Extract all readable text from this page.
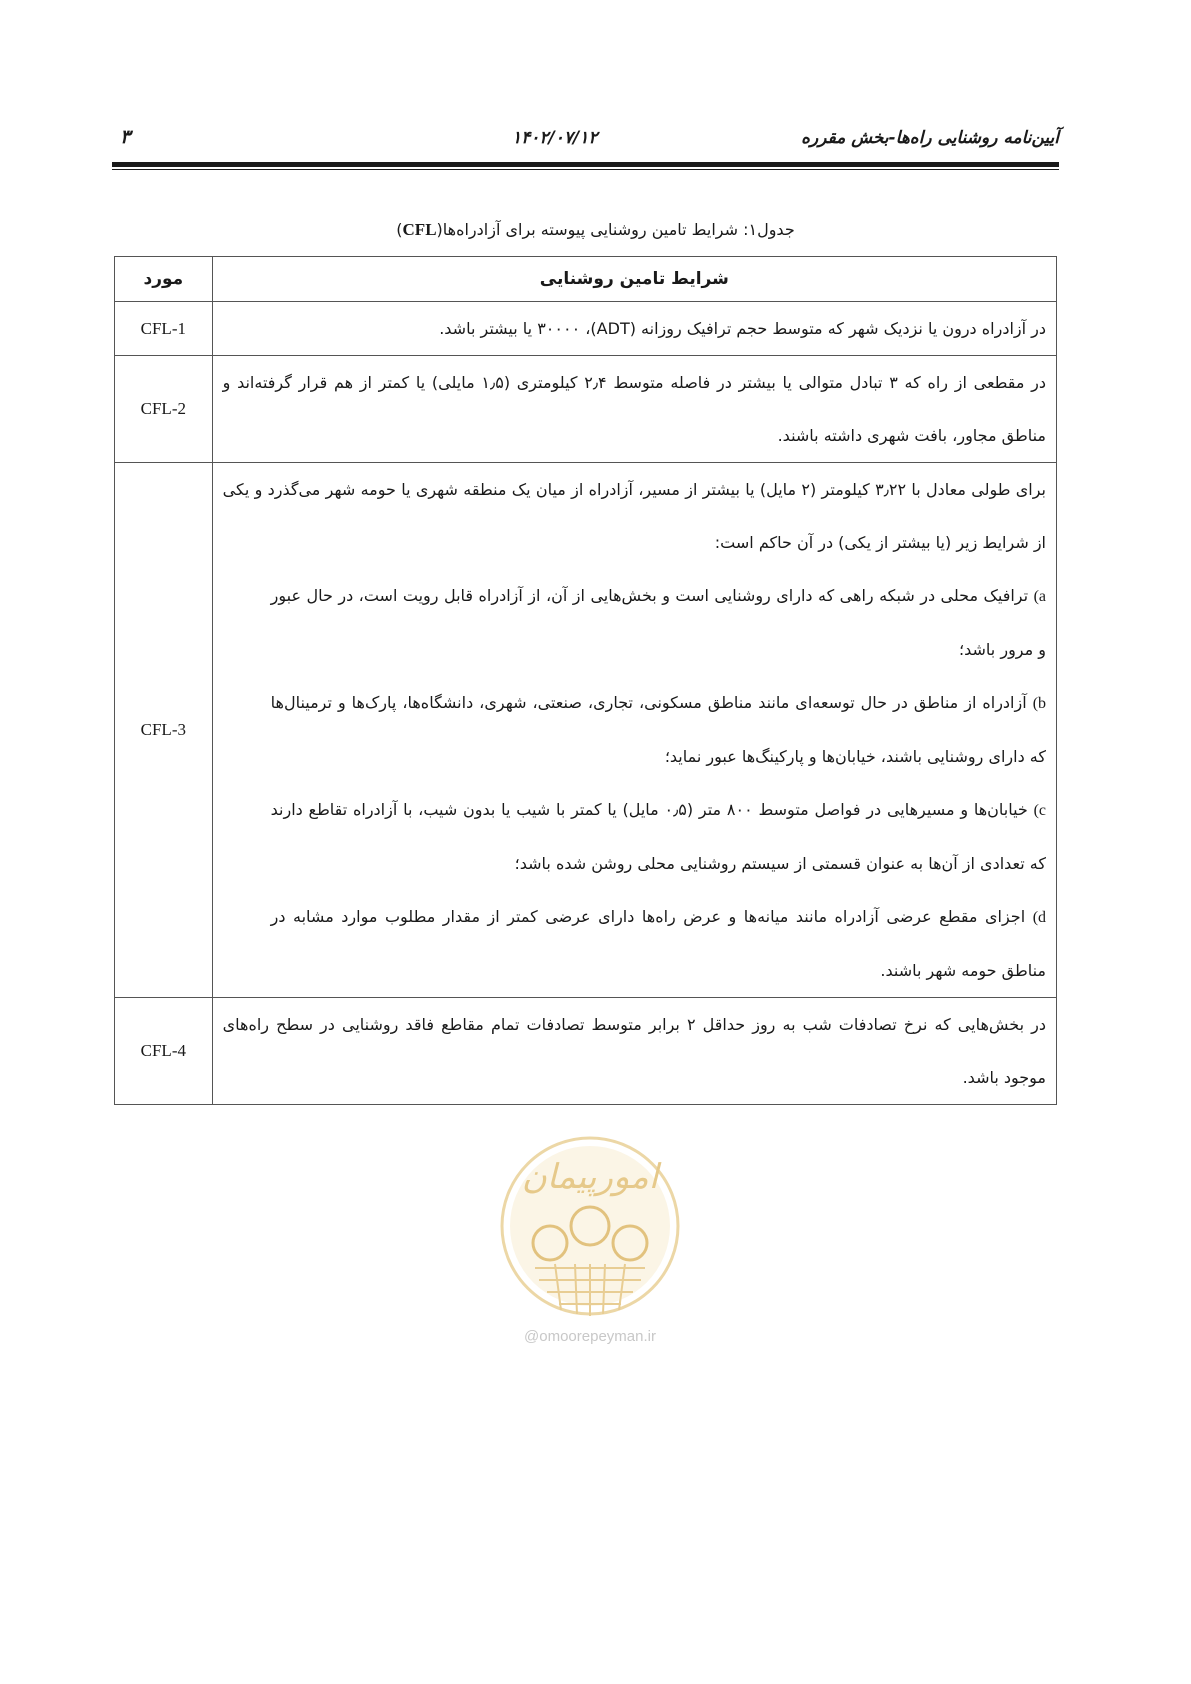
آیین‌نامه روشنایی راه‌ها-بخش مقرره
۱۴۰۲/۰۷/۱۲
۳
جدول۱: شرایط تامین روشنایی پیوسته برای آزادراه‌ها(CFL)
شرایط تامین روشنایی	مورد

در آزادراه درون یا نزدیک شهر که متوسط حجم ترافیک روزانه (ADT)، ۳۰۰۰۰ یا بیشتر باشد.	CFL-1

در مقطعی از راه که ۳ تبادل متوالی یا بیشتر در فاصله متوسط ۲٫۴ کیلومتری (۱٫۵ مایلی) یا کمتر از هم قرار گرفته‌اند و مناطق مجاور، بافت شهری داشته باشند.	CFL-2

برای طولی معادل با ۳٫۲۲ کیلومتر (۲ مایل) یا بیشتر از مسیر، آزادراه از میان یک منطقه شهری یا حومه شهر می‌گذرد و یکی از شرایط زیر (یا بیشتر از یکی) در آن حاکم است:

a) ترافیک محلی در شبکه راهی که دارای روشنایی است و بخش‌هایی از آن، از آزادراه قابل رویت است، در حال عبور و مرور باشد؛

b) آزادراه از مناطق در حال توسعه‌ای مانند مناطق مسکونی، تجاری، صنعتی، شهری، دانشگاه‌ها، پارک‌ها و ترمینال‌ها که دارای روشنایی باشند، خیابان‌ها و پارکینگ‌ها عبور نماید؛

c) خیابان‌ها و مسیرهایی در فواصل متوسط ۸۰۰ متر (۰٫۵ مایل) یا کمتر با شیب یا بدون شیب، با آزادراه تقاطع دارند که تعدادی از آن‌ها به عنوان قسمتی از سیستم روشنایی محلی روشن شده باشد؛

d) اجزای مقطع عرضی آزادراه مانند میانه‌ها و عرض راه‌ها دارای عرضی کمتر از مقدار مطلوب موارد مشابه در مناطق حومه شهر باشند.	CFL-3

در بخش‌هایی که نرخ تصادفات شب به روز حداقل ۲ برابر متوسط تصادفات تمام مقاطع فاقد روشنایی در سطح راه‌های موجود باشد.	CFL-4
امورپیمان
@omoorepeyman.ir
